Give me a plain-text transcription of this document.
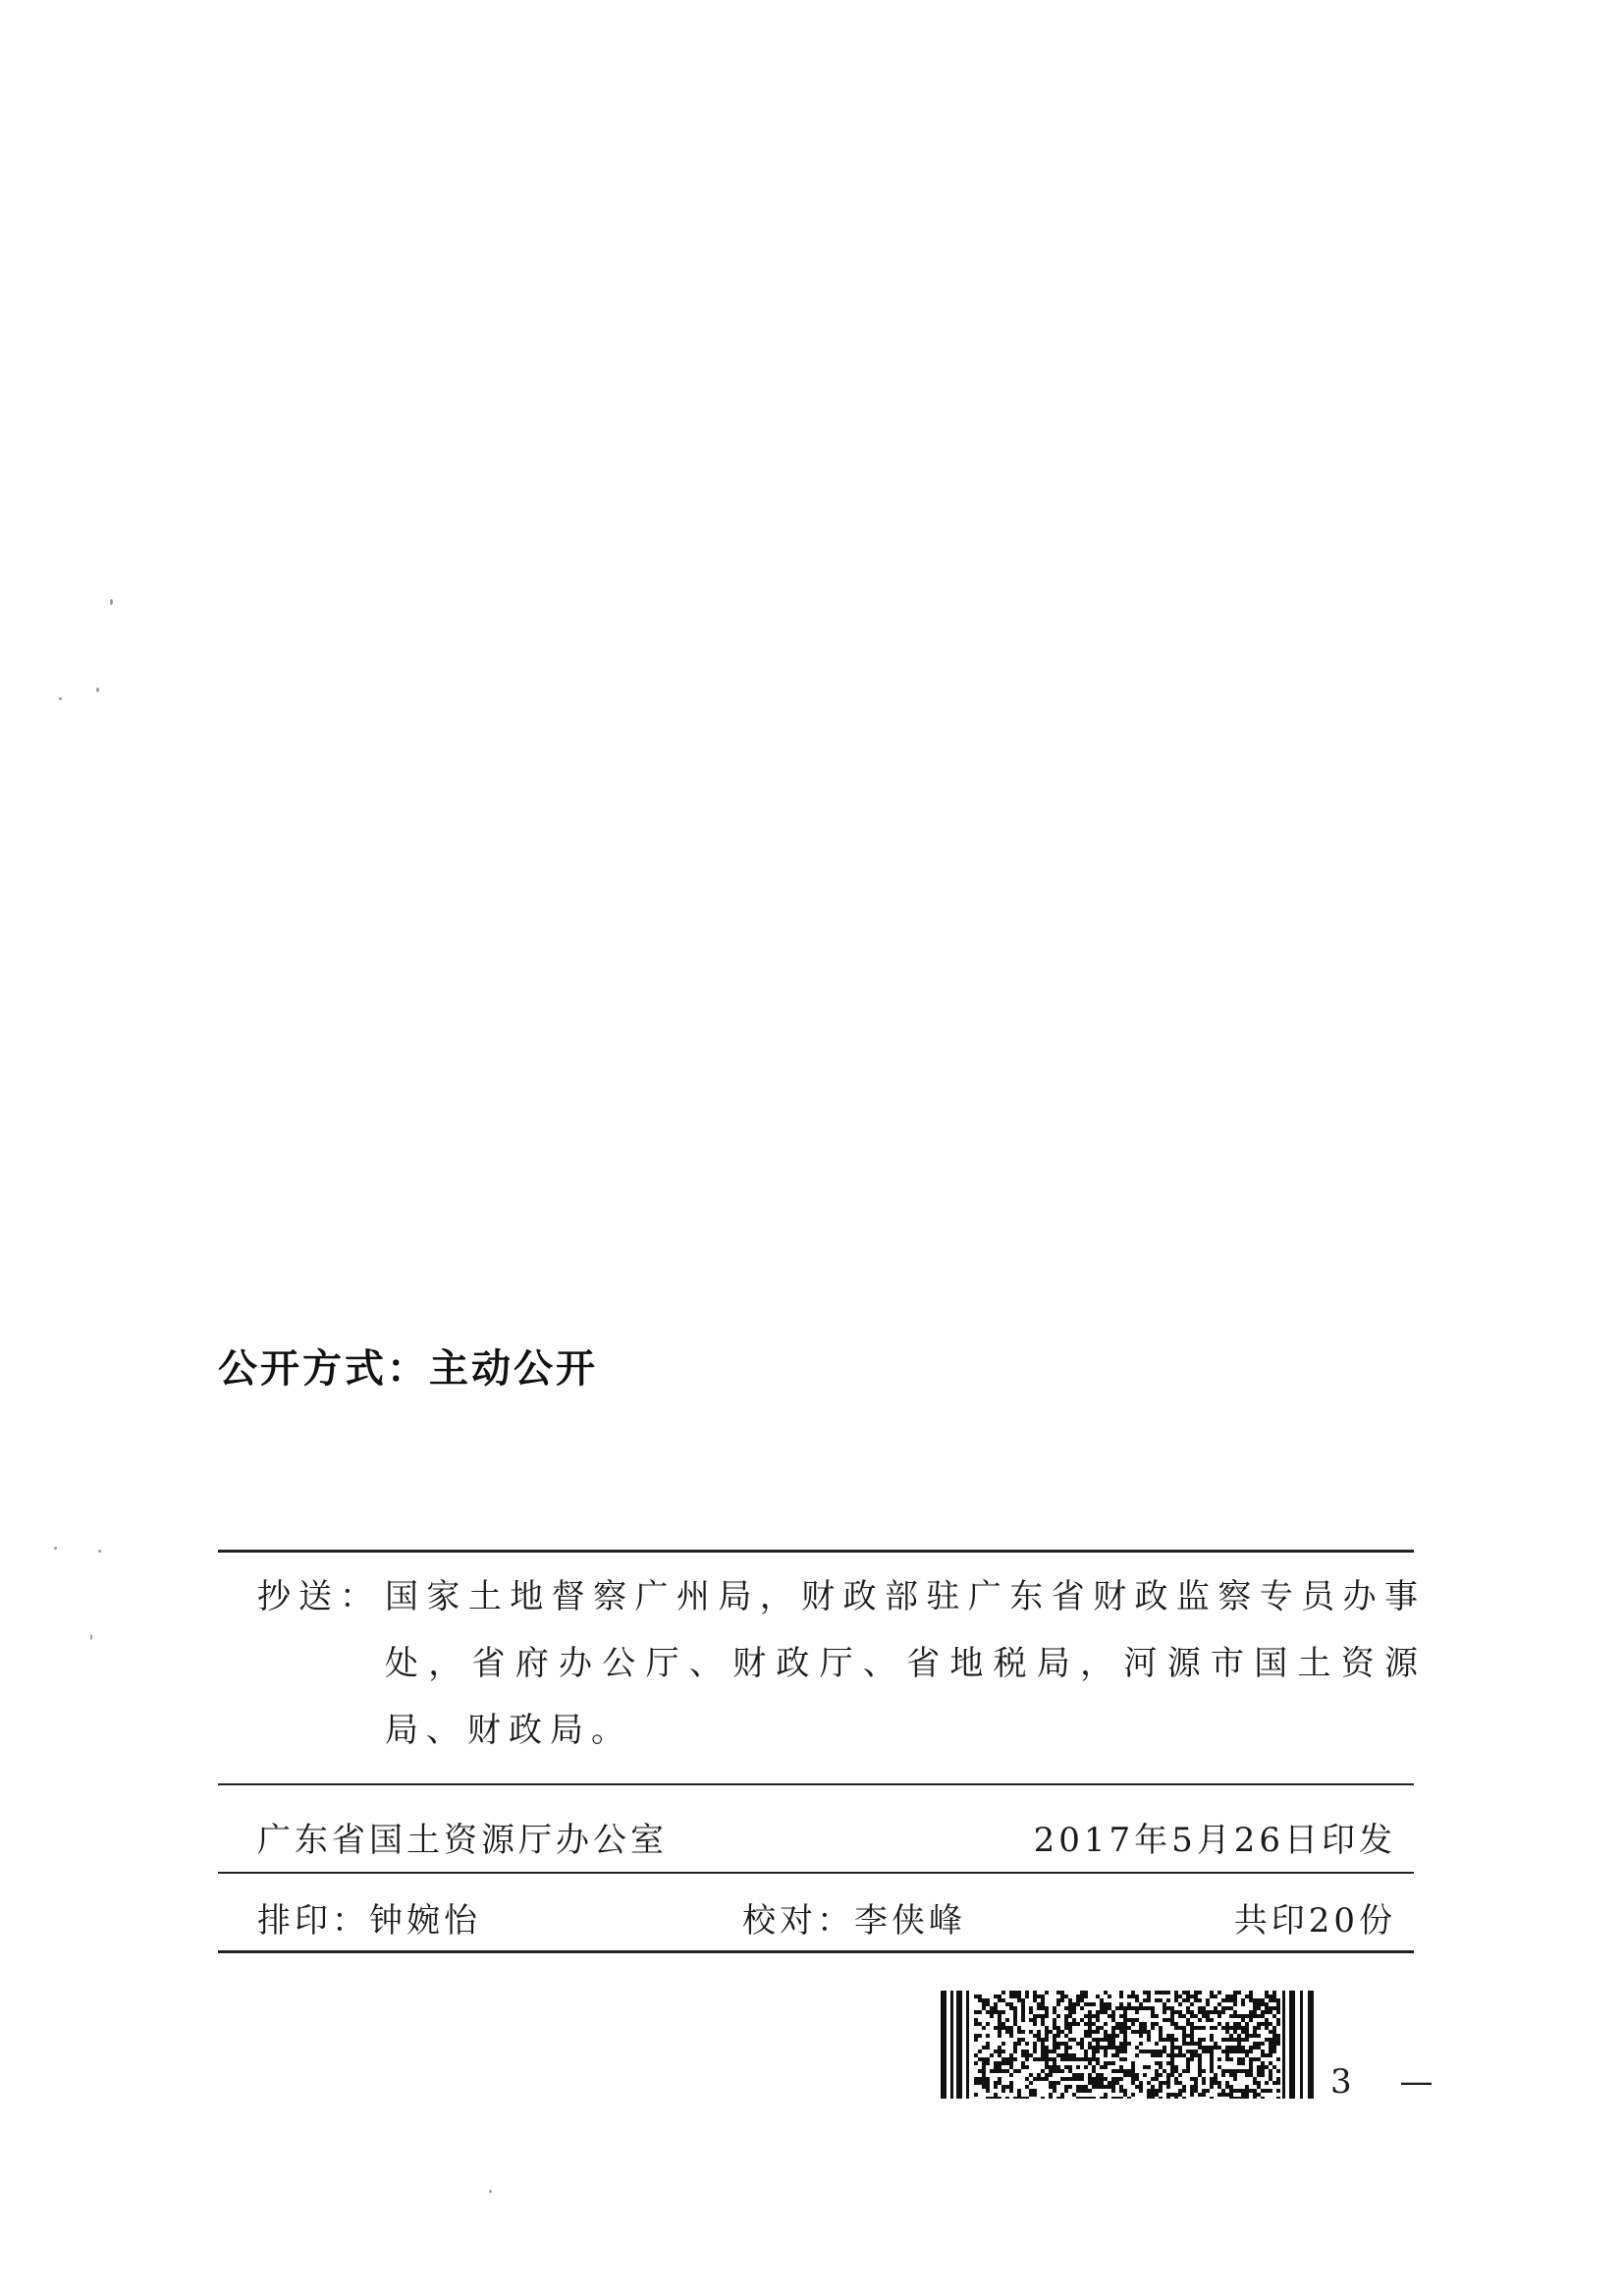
公开方式：主动公开
抄送： 国家土地督察广州局，财政部驻广东省财政监察专员办事处，省府办公厅、财政厅、省地税局，河源市国土资源局、财政局。
广东省国土资源厅办公室	2017年5月26日印发
排印：钟婉怡	校对：李侠峰	共印20份
3 —
